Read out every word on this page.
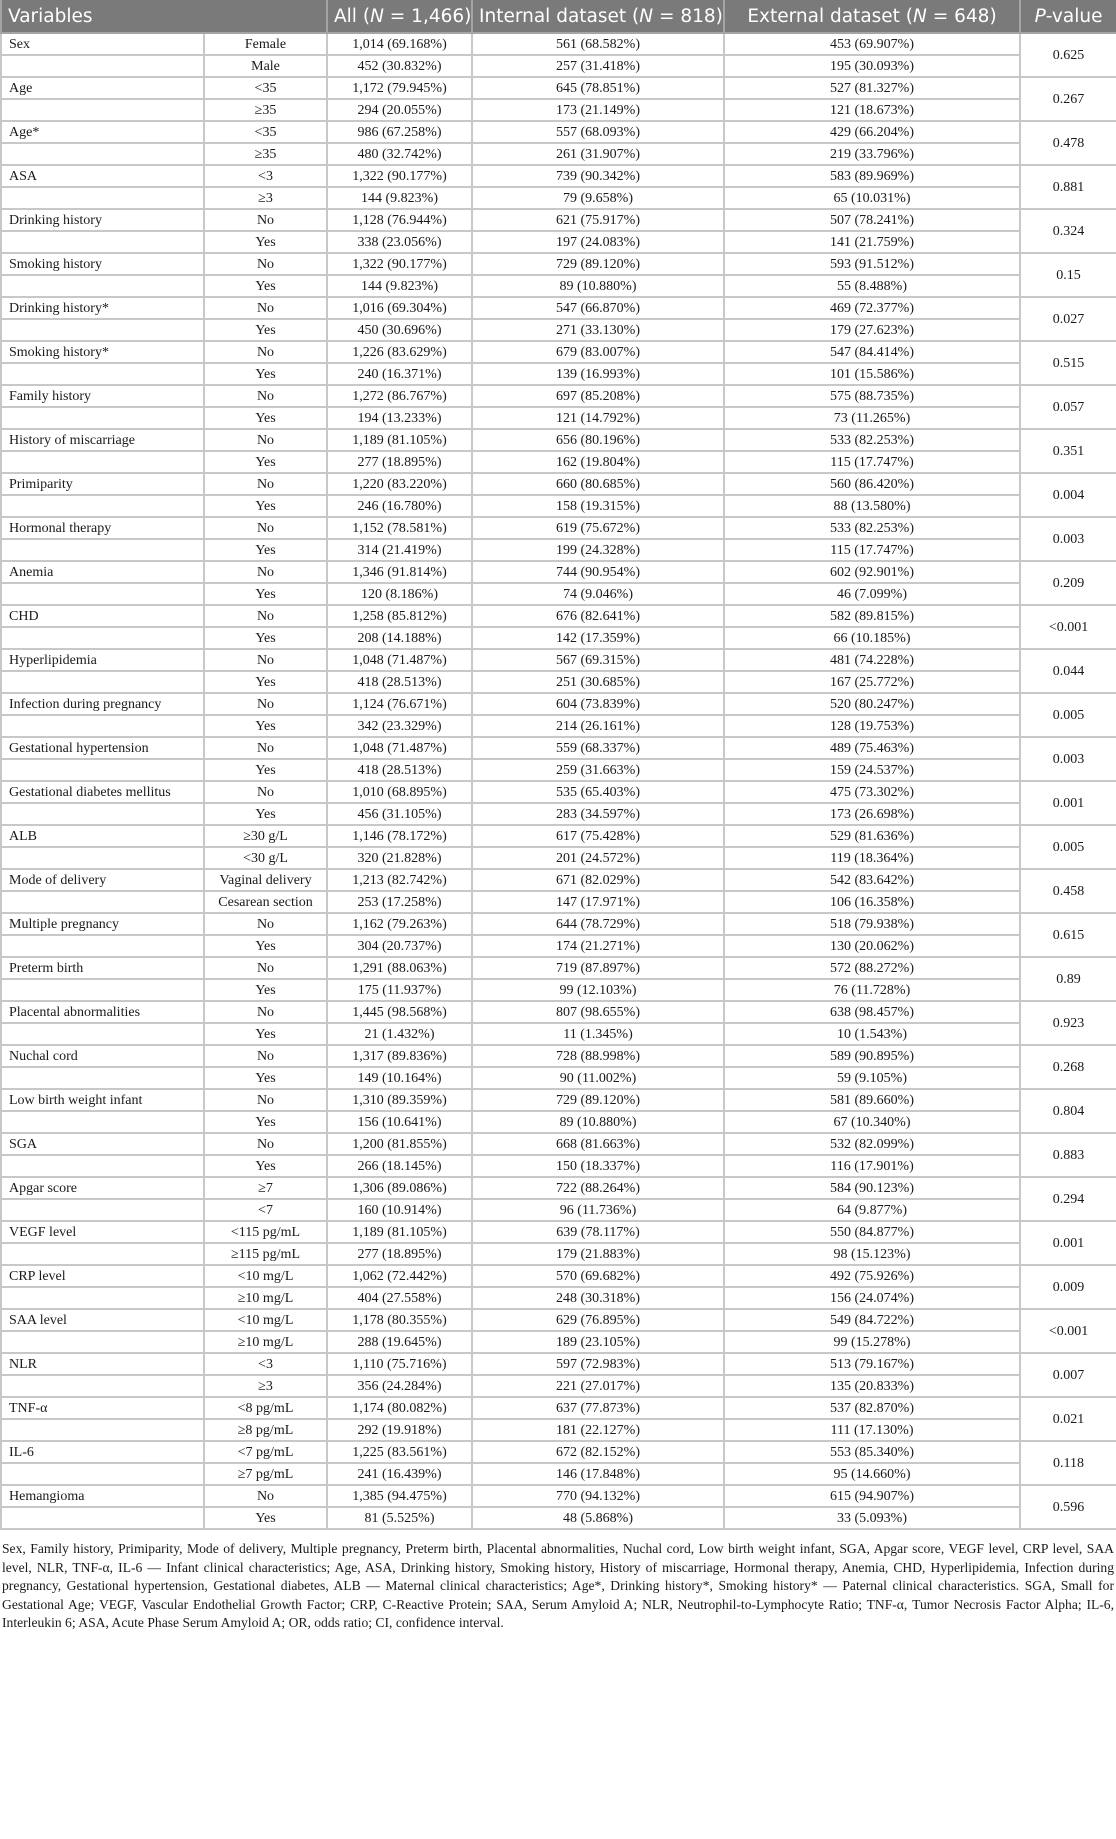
Variables		All (N = 1,466)	Internal dataset (N = 818)	External dataset (N = 648)	P-value
Sex	Female	1,014 (69.168%)	561 (68.582%)	453 (69.907%)	0.625
	Male	452 (30.832%)	257 (31.418%)	195 (30.093%)	
Age	<35	1,172 (79.945%)	645 (78.851%)	527 (81.327%)	0.267
	≥35	294 (20.055%)	173 (21.149%)	121 (18.673%)	
Age*	<35	986 (67.258%)	557 (68.093%)	429 (66.204%)	0.478
	≥35	480 (32.742%)	261 (31.907%)	219 (33.796%)	
ASA	<3	1,322 (90.177%)	739 (90.342%)	583 (89.969%)	0.881
	≥3	144 (9.823%)	79 (9.658%)	65 (10.031%)	
Drinking history	No	1,128 (76.944%)	621 (75.917%)	507 (78.241%)	0.324
	Yes	338 (23.056%)	197 (24.083%)	141 (21.759%)	
Smoking history	No	1,322 (90.177%)	729 (89.120%)	593 (91.512%)	0.15
	Yes	144 (9.823%)	89 (10.880%)	55 (8.488%)	
Drinking history*	No	1,016 (69.304%)	547 (66.870%)	469 (72.377%)	0.027
	Yes	450 (30.696%)	271 (33.130%)	179 (27.623%)	
Smoking history*	No	1,226 (83.629%)	679 (83.007%)	547 (84.414%)	0.515
	Yes	240 (16.371%)	139 (16.993%)	101 (15.586%)	
Family history	No	1,272 (86.767%)	697 (85.208%)	575 (88.735%)	0.057
	Yes	194 (13.233%)	121 (14.792%)	73 (11.265%)	
History of miscarriage	No	1,189 (81.105%)	656 (80.196%)	533 (82.253%)	0.351
	Yes	277 (18.895%)	162 (19.804%)	115 (17.747%)	
Primiparity	No	1,220 (83.220%)	660 (80.685%)	560 (86.420%)	0.004
	Yes	246 (16.780%)	158 (19.315%)	88 (13.580%)	
Hormonal therapy	No	1,152 (78.581%)	619 (75.672%)	533 (82.253%)	0.003
	Yes	314 (21.419%)	199 (24.328%)	115 (17.747%)	
Anemia	No	1,346 (91.814%)	744 (90.954%)	602 (92.901%)	0.209
	Yes	120 (8.186%)	74 (9.046%)	46 (7.099%)	
CHD	No	1,258 (85.812%)	676 (82.641%)	582 (89.815%)	<0.001
	Yes	208 (14.188%)	142 (17.359%)	66 (10.185%)	
Hyperlipidemia	No	1,048 (71.487%)	567 (69.315%)	481 (74.228%)	0.044
	Yes	418 (28.513%)	251 (30.685%)	167 (25.772%)	
Infection during pregnancy	No	1,124 (76.671%)	604 (73.839%)	520 (80.247%)	0.005
	Yes	342 (23.329%)	214 (26.161%)	128 (19.753%)	
Gestational hypertension	No	1,048 (71.487%)	559 (68.337%)	489 (75.463%)	0.003
	Yes	418 (28.513%)	259 (31.663%)	159 (24.537%)	
Gestational diabetes mellitus	No	1,010 (68.895%)	535 (65.403%)	475 (73.302%)	0.001
	Yes	456 (31.105%)	283 (34.597%)	173 (26.698%)	
ALB	≥30 g/L	1,146 (78.172%)	617 (75.428%)	529 (81.636%)	0.005
	<30 g/L	320 (21.828%)	201 (24.572%)	119 (18.364%)	
Mode of delivery	Vaginal delivery	1,213 (82.742%)	671 (82.029%)	542 (83.642%)	0.458
	Cesarean section	253 (17.258%)	147 (17.971%)	106 (16.358%)	
Multiple pregnancy	No	1,162 (79.263%)	644 (78.729%)	518 (79.938%)	0.615
	Yes	304 (20.737%)	174 (21.271%)	130 (20.062%)	
Preterm birth	No	1,291 (88.063%)	719 (87.897%)	572 (88.272%)	0.89
	Yes	175 (11.937%)	99 (12.103%)	76 (11.728%)	
Placental abnormalities	No	1,445 (98.568%)	807 (98.655%)	638 (98.457%)	0.923
	Yes	21 (1.432%)	11 (1.345%)	10 (1.543%)	
Nuchal cord	No	1,317 (89.836%)	728 (88.998%)	589 (90.895%)	0.268
	Yes	149 (10.164%)	90 (11.002%)	59 (9.105%)	
Low birth weight infant	No	1,310 (89.359%)	729 (89.120%)	581 (89.660%)	0.804
	Yes	156 (10.641%)	89 (10.880%)	67 (10.340%)	
SGA	No	1,200 (81.855%)	668 (81.663%)	532 (82.099%)	0.883
	Yes	266 (18.145%)	150 (18.337%)	116 (17.901%)	
Apgar score	≥7	1,306 (89.086%)	722 (88.264%)	584 (90.123%)	0.294
	<7	160 (10.914%)	96 (11.736%)	64 (9.877%)	
VEGF level	<115 pg/mL	1,189 (81.105%)	639 (78.117%)	550 (84.877%)	0.001
	≥115 pg/mL	277 (18.895%)	179 (21.883%)	98 (15.123%)	
CRP level	<10 mg/L	1,062 (72.442%)	570 (69.682%)	492 (75.926%)	0.009
	≥10 mg/L	404 (27.558%)	248 (30.318%)	156 (24.074%)	
SAA level	<10 mg/L	1,178 (80.355%)	629 (76.895%)	549 (84.722%)	<0.001
	≥10 mg/L	288 (19.645%)	189 (23.105%)	99 (15.278%)	
NLR	<3	1,110 (75.716%)	597 (72.983%)	513 (79.167%)	0.007
	≥3	356 (24.284%)	221 (27.017%)	135 (20.833%)	
TNF-α	<8 pg/mL	1,174 (80.082%)	637 (77.873%)	537 (82.870%)	0.021
	≥8 pg/mL	292 (19.918%)	181 (22.127%)	111 (17.130%)	
IL-6	<7 pg/mL	1,225 (83.561%)	672 (82.152%)	553 (85.340%)	0.118
	≥7 pg/mL	241 (16.439%)	146 (17.848%)	95 (14.660%)	
Hemangioma	No	1,385 (94.475%)	770 (94.132%)	615 (94.907%)	0.596
	Yes	81 (5.525%)	48 (5.868%)	33 (5.093%)	
Sex, Family history, Primiparity, Mode of delivery, Multiple pregnancy, Preterm birth, Placental abnormalities, Nuchal cord, Low birth weight infant, SGA, Apgar score, VEGF level, CRP level, SAA level, NLR, TNF-α, IL-6 — Infant clinical characteristics; Age, ASA, Drinking history, Smoking history, History of miscarriage, Hormonal therapy, Anemia, CHD, Hyperlipidemia, Infection during pregnancy, Gestational hypertension, Gestational diabetes, ALB — Maternal clinical characteristics; Age*, Drinking history*, Smoking history* — Paternal clinical characteristics. SGA, Small for Gestational Age; VEGF, Vascular Endothelial Growth Factor; CRP, C-Reactive Protein; SAA, Serum Amyloid A; NLR, Neutrophil-to-Lymphocyte Ratio; TNF-α, Tumor Necrosis Factor Alpha; IL-6, Interleukin 6; ASA, Acute Phase Serum Amyloid A; OR, odds ratio; CI, confidence interval.
